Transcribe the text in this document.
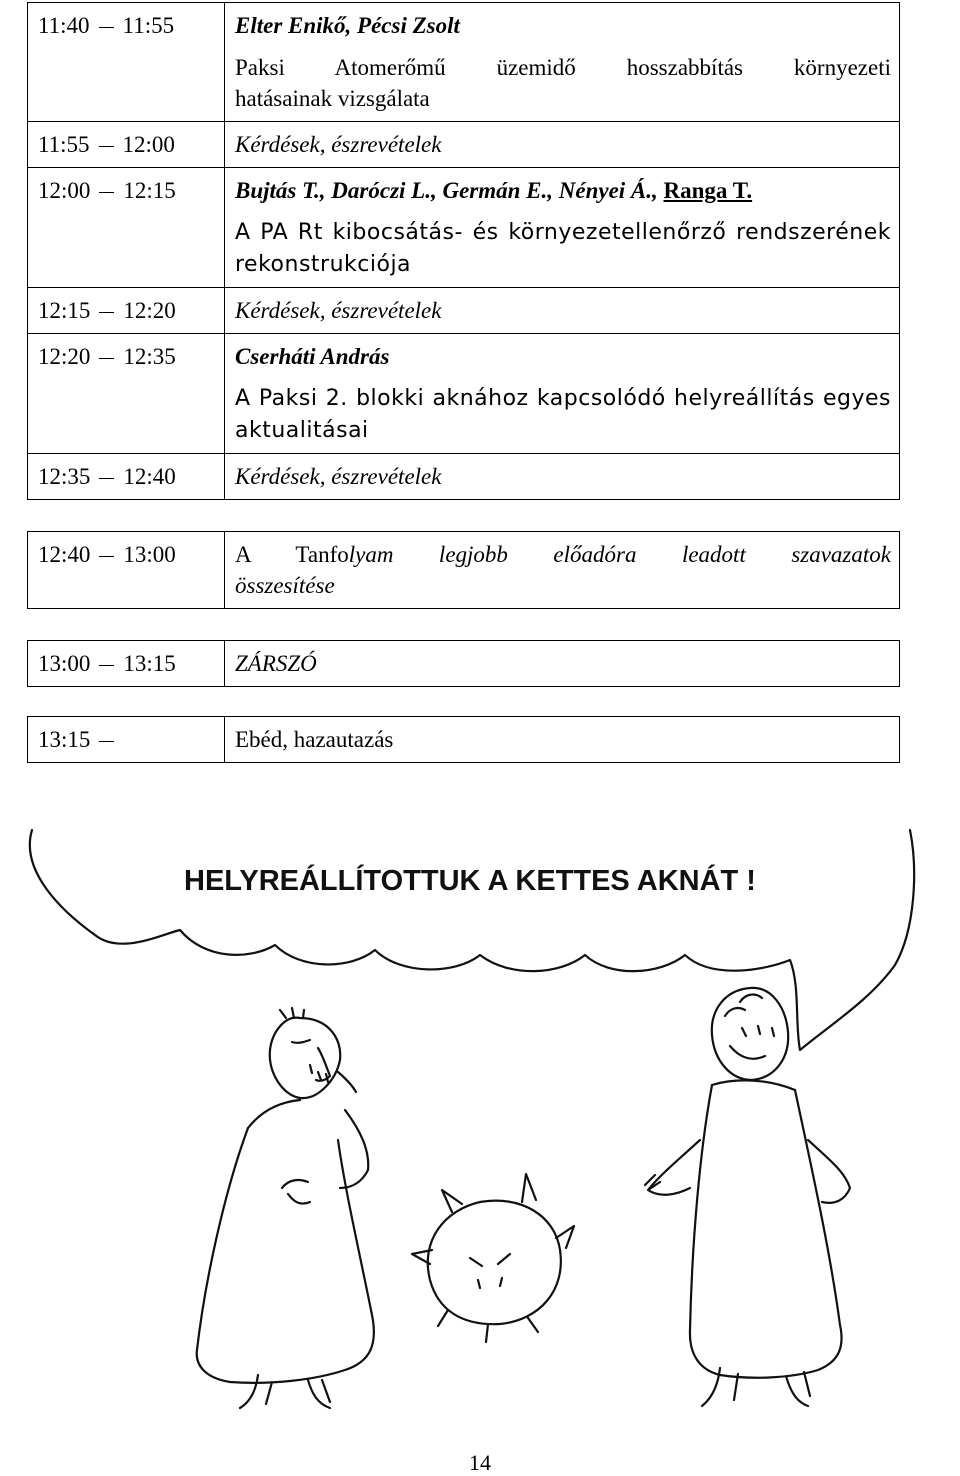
11:40 11:55	Elter Enikő, Pécsi Zsolt

	Paksi Atomerőmű üzemidő hosszabbítás környezeti
hatásainak vizsgálata

11:55 12:00	Kérdések, észrevételek
12:00 12:15	Bujtás T., Daróczi L., Germán E., Nényei Á., Ranga T.

	A PA Rt kibocsátás- és környezetellenőrző rendszerének
rekonstrukciója

12:15 12:20	Kérdések, észrevételek
12:20 12:35	Cserháti András

	A Paksi 2. blokki aknához kapcsolódó helyreállítás egyes
aktualitásai

12:35 12:40	Kérdések, észrevételek
12:40 13:00	A Tanfolyam legjobb előadóra leadott szavazatok
összesítése
13:00 13:15	ZÁRSZÓ
13:15	Ebéd, hazautazás
HELYREÁLLÍTOTTUK A KETTES AKNÁT !
14
